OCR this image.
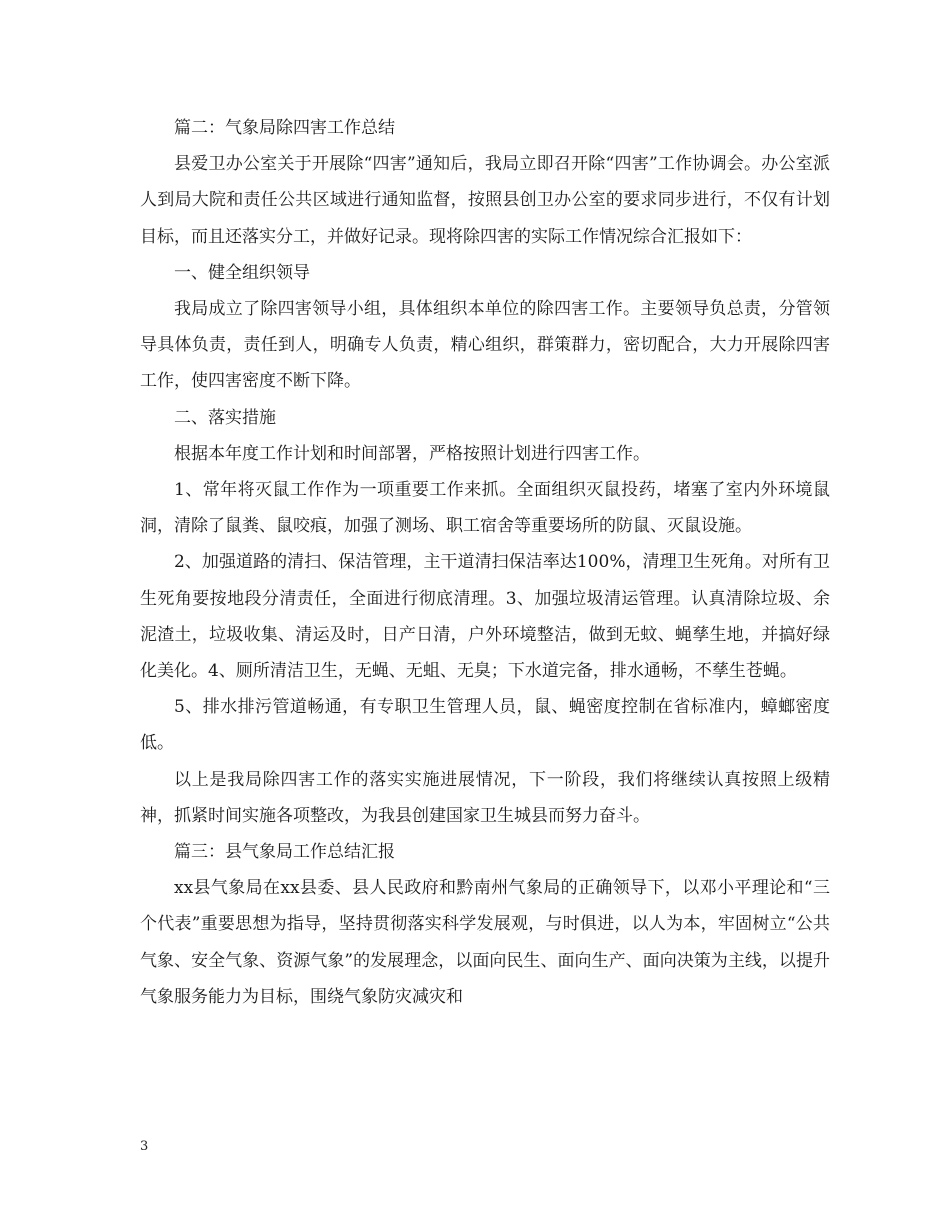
篇二：气象局除四害工作总结

县爱卫办公室关于开展除“四害”通知后，我局立即召开除“四害”工作协调会。办公室派人到局大院和责任公共区域进行通知监督，按照县创卫办公室的要求同步进行，不仅有计划目标，而且还落实分工，并做好记录。现将除四害的实际工作情况综合汇报如下：

一、健全组织领导

我局成立了除四害领导小组，具体组织本单位的除四害工作。主要领导负总责，分管领导具体负责，责任到人，明确专人负责，精心组织，群策群力，密切配合，大力开展除四害工作，使四害密度不断下降。

二、落实措施

根据本年度工作计划和时间部署，严格按照计划进行四害工作。

1、常年将灭鼠工作作为一项重要工作来抓。全面组织灭鼠投药，堵塞了室内外环境鼠洞，清除了鼠粪、鼠咬痕，加强了测场、职工宿舍等重要场所的防鼠、灭鼠设施。

2、加强道路的清扫、保洁管理，主干道清扫保洁率达100%，清理卫生死角。对所有卫生死角要按地段分清责任，全面进行彻底清理。3、加强垃圾清运管理。认真清除垃圾、余泥渣土，垃圾收集、清运及时，日产日清，户外环境整洁，做到无蚊、蝇孳生地，并搞好绿化美化。4、厕所清洁卫生，无蝇、无蛆、无臭；下水道完备，排水通畅，不孳生苍蝇。

5、排水排污管道畅通，有专职卫生管理人员，鼠、蝇密度控制在省标准内，蟑螂密度低。

以上是我局除四害工作的落实实施进展情况，下一阶段，我们将继续认真按照上级精神，抓紧时间实施各项整改，为我县创建国家卫生城县而努力奋斗。

篇三：县气象局工作总结汇报

xx县气象局在xx县委、县人民政府和黔南州气象局的正确领导下，以邓小平理论和“三个代表”重要思想为指导，坚持贯彻落实科学发展观，与时俱进，以人为本，牢固树立“公共气象、安全气象、资源气象”的发展理念，以面向民生、面向生产、面向决策为主线，以提升气象服务能力为目标，围绕气象防灾减灾和

3
